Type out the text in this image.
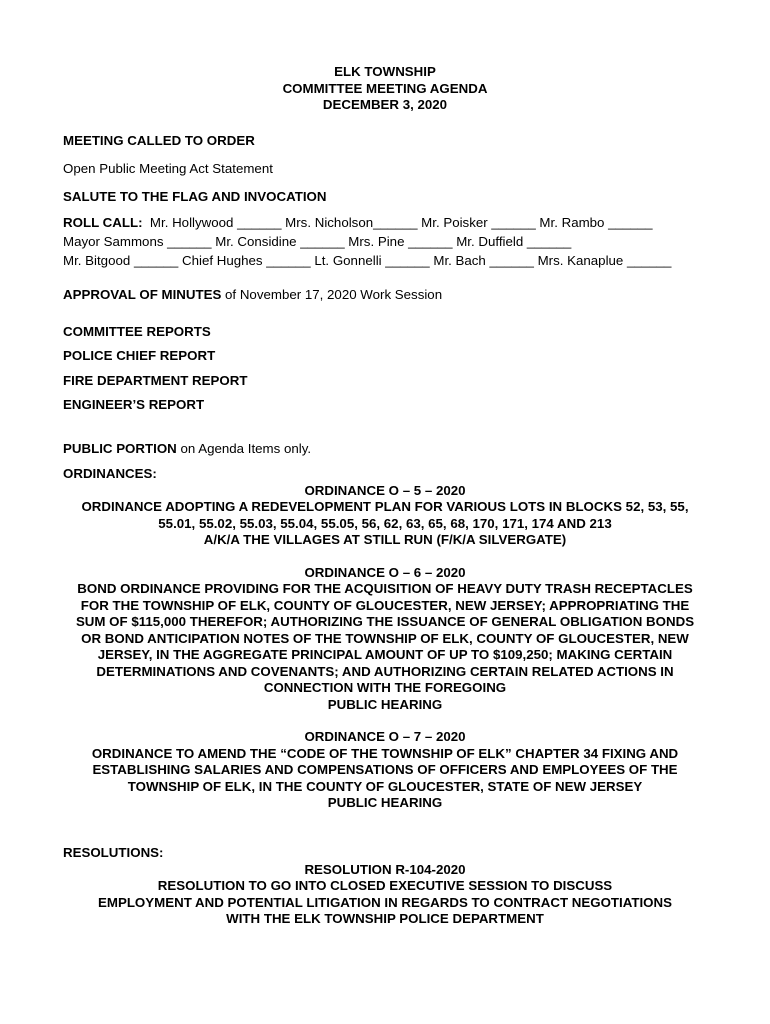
ELK TOWNSHIP
COMMITTEE MEETING AGENDA
DECEMBER 3, 2020
MEETING CALLED TO ORDER
Open Public Meeting Act Statement
SALUTE TO THE FLAG AND INVOCATION
ROLL CALL:  Mr. Hollywood ______ Mrs. Nicholson______ Mr. Poisker ______ Mr. Rambo ______
Mayor Sammons ______ Mr. Considine ______ Mrs. Pine ______ Mr. Duffield ______
Mr. Bitgood ______ Chief Hughes ______ Lt. Gonnelli ______ Mr. Bach ______ Mrs. Kanaplue ______
APPROVAL OF MINUTES of November 17, 2020 Work Session
COMMITTEE REPORTS
POLICE CHIEF REPORT
FIRE DEPARTMENT REPORT
ENGINEER’S REPORT
PUBLIC PORTION on Agenda Items only.
ORDINANCES:
ORDINANCE O – 5 – 2020
ORDINANCE ADOPTING A REDEVELOPMENT PLAN FOR VARIOUS LOTS IN BLOCKS 52, 53, 55,
55.01, 55.02, 55.03, 55.04, 55.05, 56, 62, 63, 65, 68, 170, 171, 174 AND 213
A/K/A THE VILLAGES AT STILL RUN (F/K/A SILVERGATE)
ORDINANCE O – 6 – 2020
BOND ORDINANCE PROVIDING FOR THE ACQUISITION OF HEAVY DUTY TRASH RECEPTACLES
FOR THE TOWNSHIP OF ELK, COUNTY OF GLOUCESTER, NEW JERSEY; APPROPRIATING THE
SUM OF $115,000 THEREFOR; AUTHORIZING THE ISSUANCE OF GENERAL OBLIGATION BONDS
OR BOND ANTICIPATION NOTES OF THE TOWNSHIP OF ELK, COUNTY OF GLOUCESTER, NEW
JERSEY, IN THE AGGREGATE PRINCIPAL AMOUNT OF UP TO $109,250; MAKING CERTAIN
DETERMINATIONS AND COVENANTS; AND AUTHORIZING CERTAIN RELATED ACTIONS IN
CONNECTION WITH THE FOREGOING
PUBLIC HEARING
ORDINANCE O – 7 – 2020
ORDINANCE TO AMEND THE “CODE OF THE TOWNSHIP OF ELK” CHAPTER 34 FIXING AND
ESTABLISHING SALARIES AND COMPENSATIONS OF OFFICERS AND EMPLOYEES OF THE
TOWNSHIP OF ELK, IN THE COUNTY OF GLOUCESTER, STATE OF NEW JERSEY
PUBLIC HEARING
RESOLUTIONS:
RESOLUTION R-104-2020
RESOLUTION TO GO INTO CLOSED EXECUTIVE SESSION TO DISCUSS
EMPLOYMENT AND POTENTIAL LITIGATION IN REGARDS TO CONTRACT NEGOTIATIONS
WITH THE ELK TOWNSHIP POLICE DEPARTMENT
